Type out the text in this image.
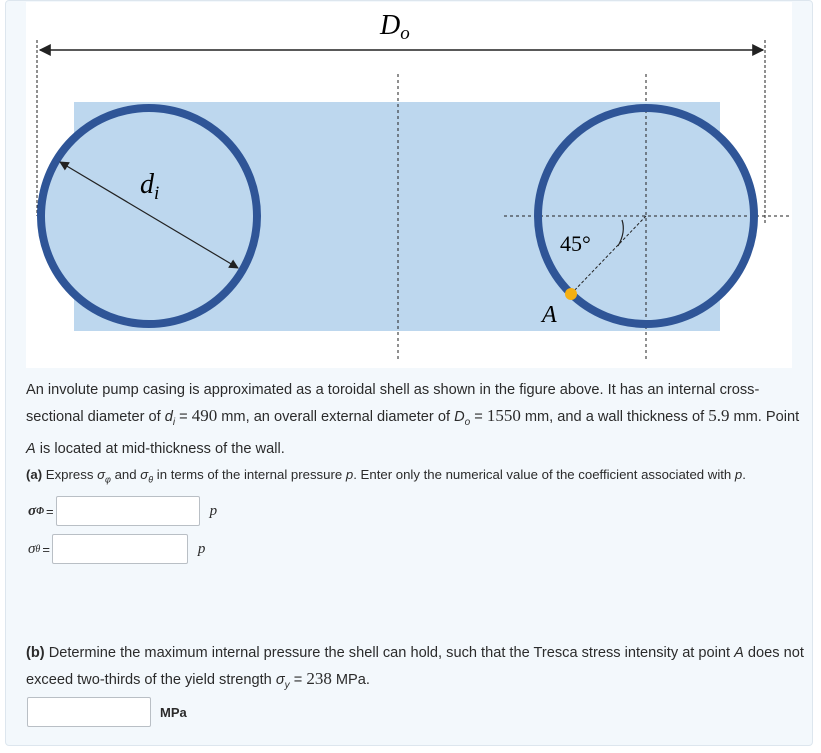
Do
$d_i$
45°
A
An involute pump casing is approximated as a toroidal shell as shown in the figure above. It has an internal cross-sectional diameter of $d_i = 490$ mm, an overall external diameter of $D_o = 1550$ mm, and a wall thickness of 5.9 mm. Point A is located at mid-thickness of the wall.
(a) Express $\sigma_\varphi$ and $\sigma_\theta$ in terms of the internal pressure p. Enter only the numerical value of the coefficient associated with p.
σ Φ =	p
σ θ =	p
(b) Determine the maximum internal pressure the shell can hold, such that the Tresca stress intensity at point A does not exceed two-thirds of the yield strength $\sigma_y = 238$ MPa.
MPa
